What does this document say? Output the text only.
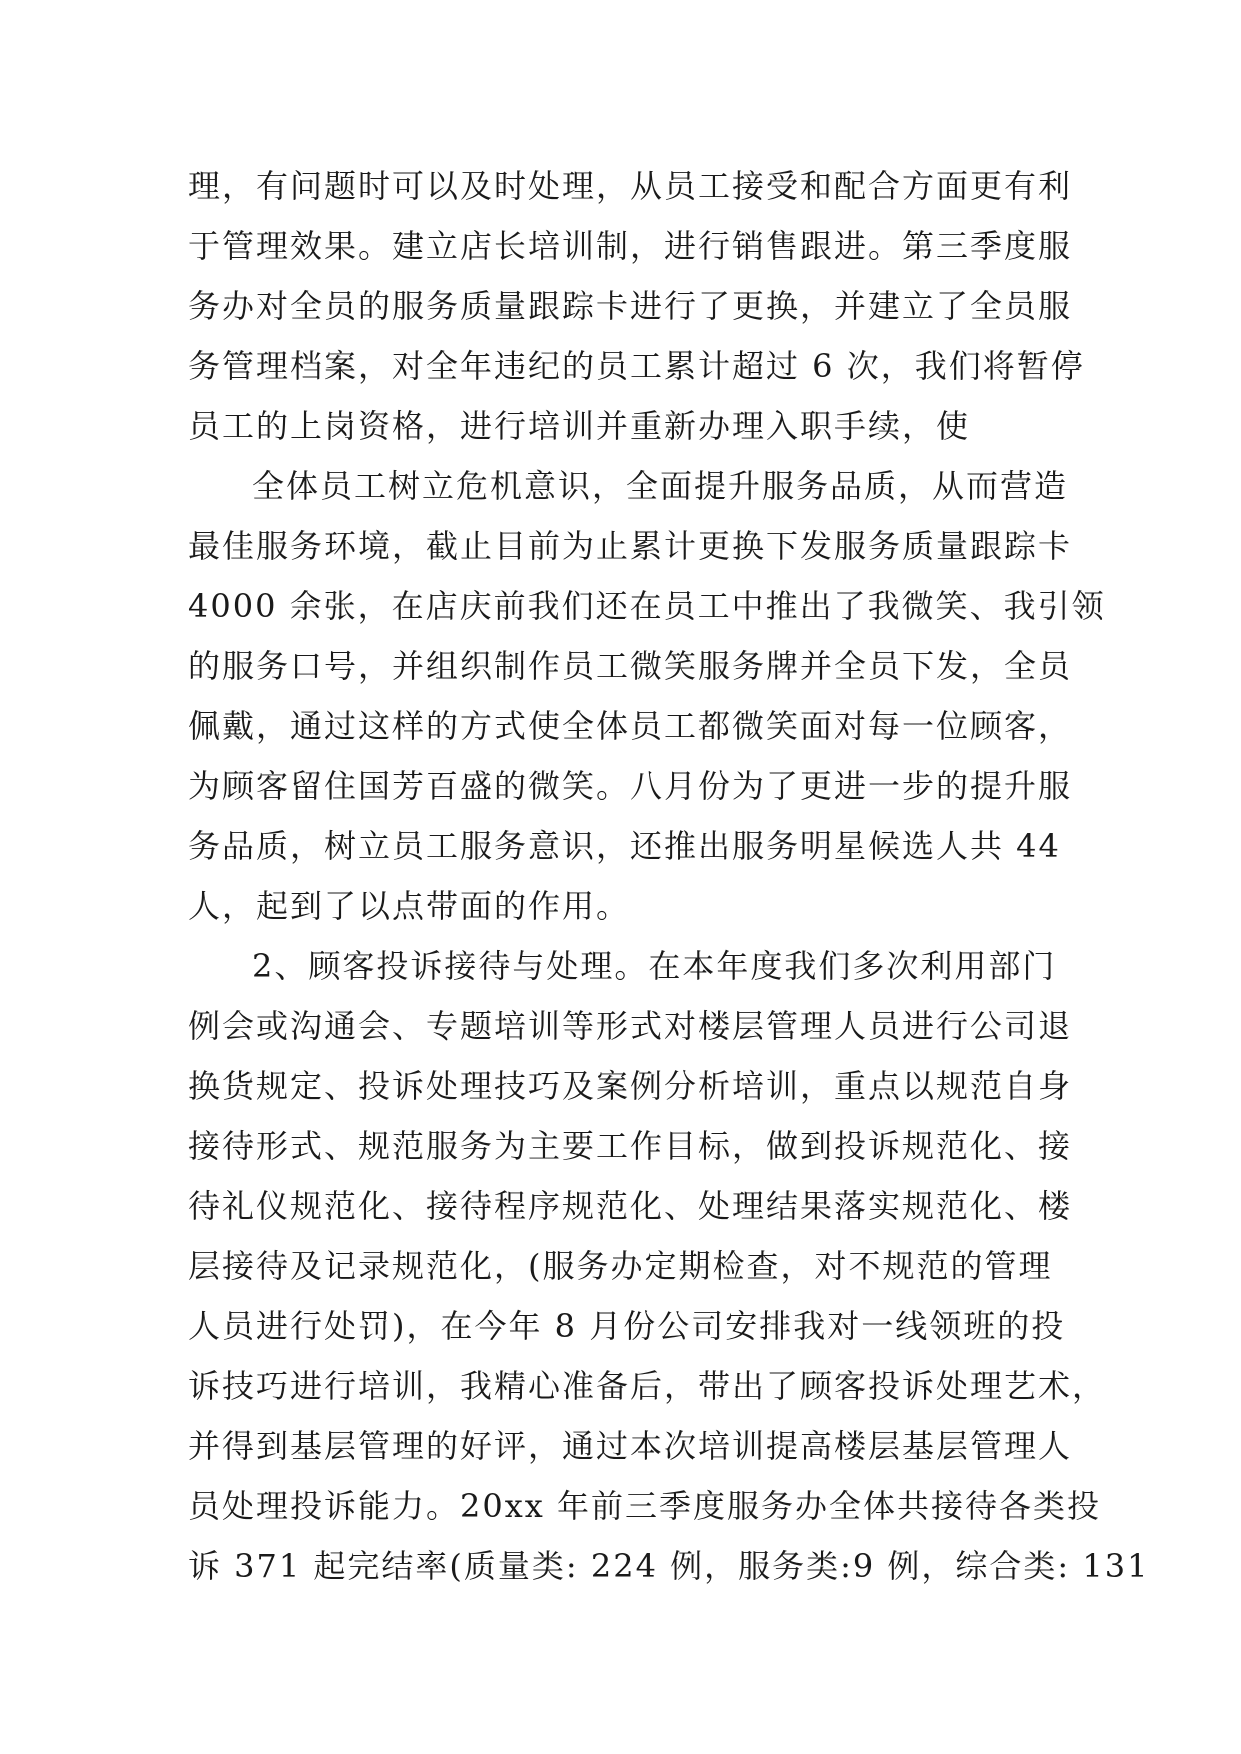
理，有问题时可以及时处理，从员工接受和配合方面更有利
于管理效果。建立店长培训制，进行销售跟进。第三季度服
务办对全员的服务质量跟踪卡进行了更换，并建立了全员服
务管理档案，对全年违纪的员工累计超过 6 次，我们将暂停
员工的上岗资格，进行培训并重新办理入职手续，使
全体员工树立危机意识，全面提升服务品质，从而营造
最佳服务环境，截止目前为止累计更换下发服务质量跟踪卡
4000 余张，在店庆前我们还在员工中推出了我微笑、我引领
的服务口号，并组织制作员工微笑服务牌并全员下发，全员
佩戴，通过这样的方式使全体员工都微笑面对每一位顾客，
为顾客留住国芳百盛的微笑。八月份为了更进一步的提升服
务品质，树立员工服务意识，还推出服务明星候选人共 44
人，起到了以点带面的作用。
2、顾客投诉接待与处理。在本年度我们多次利用部门
例会或沟通会、专题培训等形式对楼层管理人员进行公司退
换货规定、投诉处理技巧及案例分析培训，重点以规范自身
接待形式、规范服务为主要工作目标，做到投诉规范化、接
待礼仪规范化、接待程序规范化、处理结果落实规范化、楼
层接待及记录规范化，(服务办定期检查，对不规范的管理
人员进行处罚)，在今年 8 月份公司安排我对一线领班的投
诉技巧进行培训，我精心准备后，带出了顾客投诉处理艺术，
并得到基层管理的好评，通过本次培训提高楼层基层管理人
员处理投诉能力。20xx 年前三季度服务办全体共接待各类投
诉 371 起完结率(质量类: 224 例，服务类:9 例，综合类: 131
